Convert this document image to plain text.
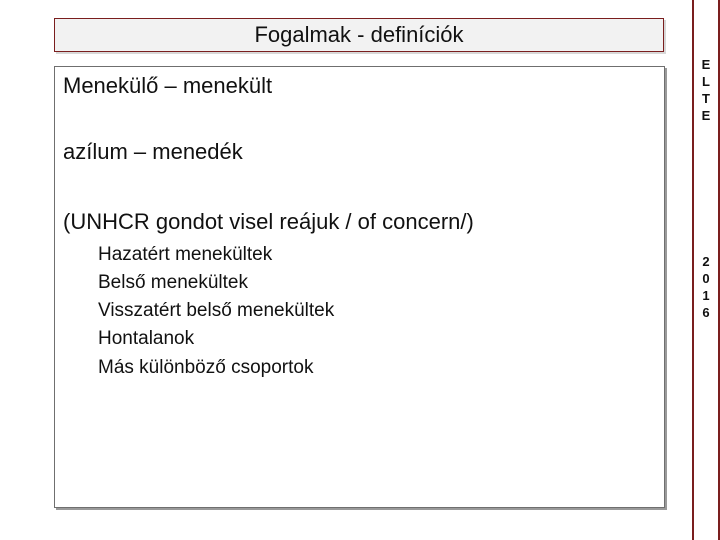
Fogalmak - definíciók
Menekülő – menekült
azílum – menedék
(UNHCR gondot visel reájuk / of concern/)
Hazatért menekültek
Belső menekültek
Visszatért belső menekültek
Hontalanok
Más különböző csoportok
E
L
T
E
2
0
1
6
